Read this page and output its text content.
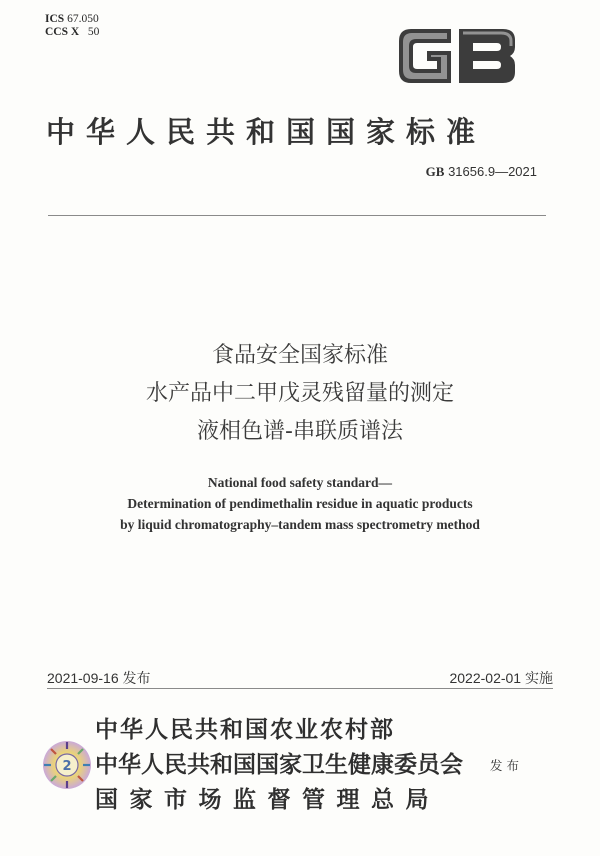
ICS 67.050
CCS X 50
中华人民共和国国家标准
GB 31656.9—2021
食品安全国家标准
水产品中二甲戊灵残留量的测定
液相色谱-串联质谱法
National food safety standard—
Determination of pendimethalin residue in aquatic products
by liquid chromatography–tandem mass spectrometry method
2021-09-16 发布	2022-02-01 实施
2
中华人民共和国农业农村部
中华人民共和国国家卫生健康委员会
国家市场监督管理总局
发布
